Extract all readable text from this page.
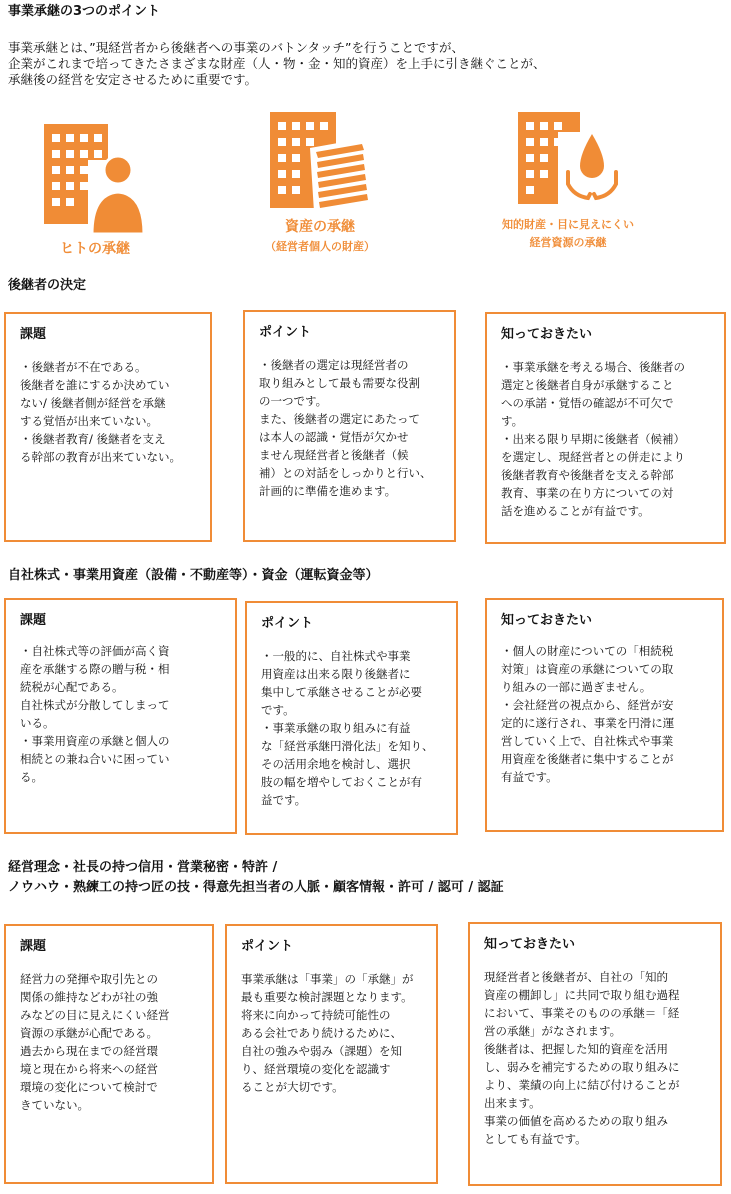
事業承継の3つのポイント
事業承継とは、”現経営者から後継者への事業のバトンタッチ”を行うことですが、
企業がこれまで培ってきたさまざまな財産（人・物・金・知的資産）を上手に引き継ぐことが、
承継後の経営を安定させるために重要です。
ヒトの承継
資産の承継
（経営者個人の財産）
知的財産・目に見えにくい
経営資源の承継
後継者の決定
課題
・後継者が不在である。
後継者を誰にするか決めてい
ない/ 後継者側が経営を承継
する覚悟が出来ていない。
・後継者教育/ 後継者を支え
る幹部の教育が出来ていない。
ポイント
・後継者の選定は現経営者の
取り組みとして最も需要な役割
の一つです。
また、後継者の選定にあたって
は本人の認識・覚悟が欠かせ
ません現経営者と後継者（候
補）との対話をしっかりと行い、
計画的に準備を進めます。
知っておきたい
・事業承継を考える場合、後継者の
選定と後継者自身が承継すること
への承諾・覚悟の確認が不可欠で
す。
・出来る限り早期に後継者（候補）
を選定し、現経営者との併走により
後継者教育や後継者を支える幹部
教育、事業の在り方についての対
話を進めることが有益です。
自社株式・事業用資産（設備・不動産等）・資金（運転資金等）
課題
・自社株式等の評価が高く資
産を承継する際の贈与税・相
続税が心配である。
自社株式が分散してしまって
いる。
・事業用資産の承継と個人の
相続との兼ね合いに困ってい
る。
ポイント
・一般的に、自社株式や事業
用資産は出来る限り後継者に
集中して承継させることが必要
です。
・事業承継の取り組みに有益
な「経営承継円滑化法」を知り、
その活用余地を検討し、選択
肢の幅を増やしておくことが有
益です。
知っておきたい
・個人の財産についての「相続税
対策」は資産の承継についての取
り組みの一部に過ぎません。
・会社経営の視点から、経営が安
定的に遂行され、事業を円滑に運
営していく上で、自社株式や事業
用資産を後継者に集中することが
有益です。
経営理念・社長の持つ信用・営業秘密・特許 /
ノウハウ・熟練工の持つ匠の技・得意先担当者の人脈・顧客情報・許可 / 認可 / 認証
課題
経営力の発揮や取引先との
関係の維持などわが社の強
みなどの目に見えにくい経営
資源の承継が心配である。
過去から現在までの経営環
境と現在から将来への経営
環境の変化について検討で
きていない。
ポイント
事業承継は「事業」の「承継」が
最も重要な検討課題となります。
将来に向かって持続可能性の
ある会社であり続けるために、
自社の強みや弱み（課題）を知
り、経営環境の変化を認識す
ることが大切です。
知っておきたい
現経営者と後継者が、自社の「知的
資産の棚卸し」に共同で取り組む過程
において、事業そのものの承継＝「経
営の承継」がなされます。
後継者は、把握した知的資産を活用
し、弱みを補完するための取り組みに
より、業績の向上に結び付けることが
出来ます。
事業の価値を高めるための取り組み
としても有益です。
